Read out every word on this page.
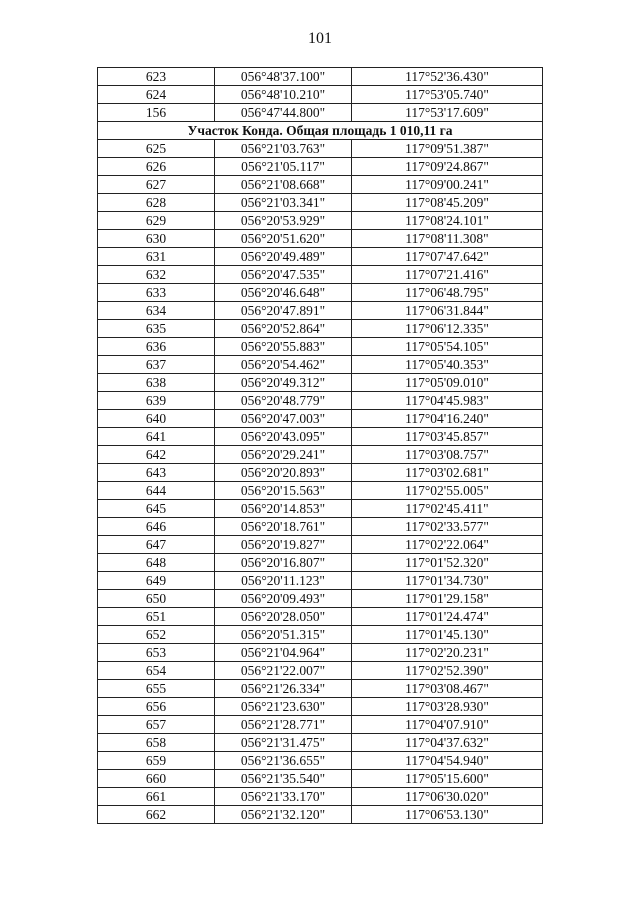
101
623	056°48'37.100"	117°52'36.430"
624	056°48'10.210"	117°53'05.740"
156	056°47'44.800"	117°53'17.609"
Участок Конда. Общая площадь 1 010,11 га		
625	056°21'03.763"	117°09'51.387"
626	056°21'05.117"	117°09'24.867"
627	056°21'08.668"	117°09'00.241"
628	056°21'03.341"	117°08'45.209"
629	056°20'53.929"	117°08'24.101"
630	056°20'51.620"	117°08'11.308"
631	056°20'49.489"	117°07'47.642"
632	056°20'47.535"	117°07'21.416"
633	056°20'46.648"	117°06'48.795"
634	056°20'47.891"	117°06'31.844"
635	056°20'52.864"	117°06'12.335"
636	056°20'55.883"	117°05'54.105"
637	056°20'54.462"	117°05'40.353"
638	056°20'49.312"	117°05'09.010"
639	056°20'48.779"	117°04'45.983"
640	056°20'47.003"	117°04'16.240"
641	056°20'43.095"	117°03'45.857"
642	056°20'29.241"	117°03'08.757"
643	056°20'20.893"	117°03'02.681"
644	056°20'15.563"	117°02'55.005"
645	056°20'14.853"	117°02'45.411"
646	056°20'18.761"	117°02'33.577"
647	056°20'19.827"	117°02'22.064"
648	056°20'16.807"	117°01'52.320"
649	056°20'11.123"	117°01'34.730"
650	056°20'09.493"	117°01'29.158"
651	056°20'28.050"	117°01'24.474"
652	056°20'51.315"	117°01'45.130"
653	056°21'04.964"	117°02'20.231"
654	056°21'22.007"	117°02'52.390"
655	056°21'26.334"	117°03'08.467"
656	056°21'23.630"	117°03'28.930"
657	056°21'28.771"	117°04'07.910"
658	056°21'31.475"	117°04'37.632"
659	056°21'36.655"	117°04'54.940"
660	056°21'35.540"	117°05'15.600"
661	056°21'33.170"	117°06'30.020"
662	056°21'32.120"	117°06'53.130"
